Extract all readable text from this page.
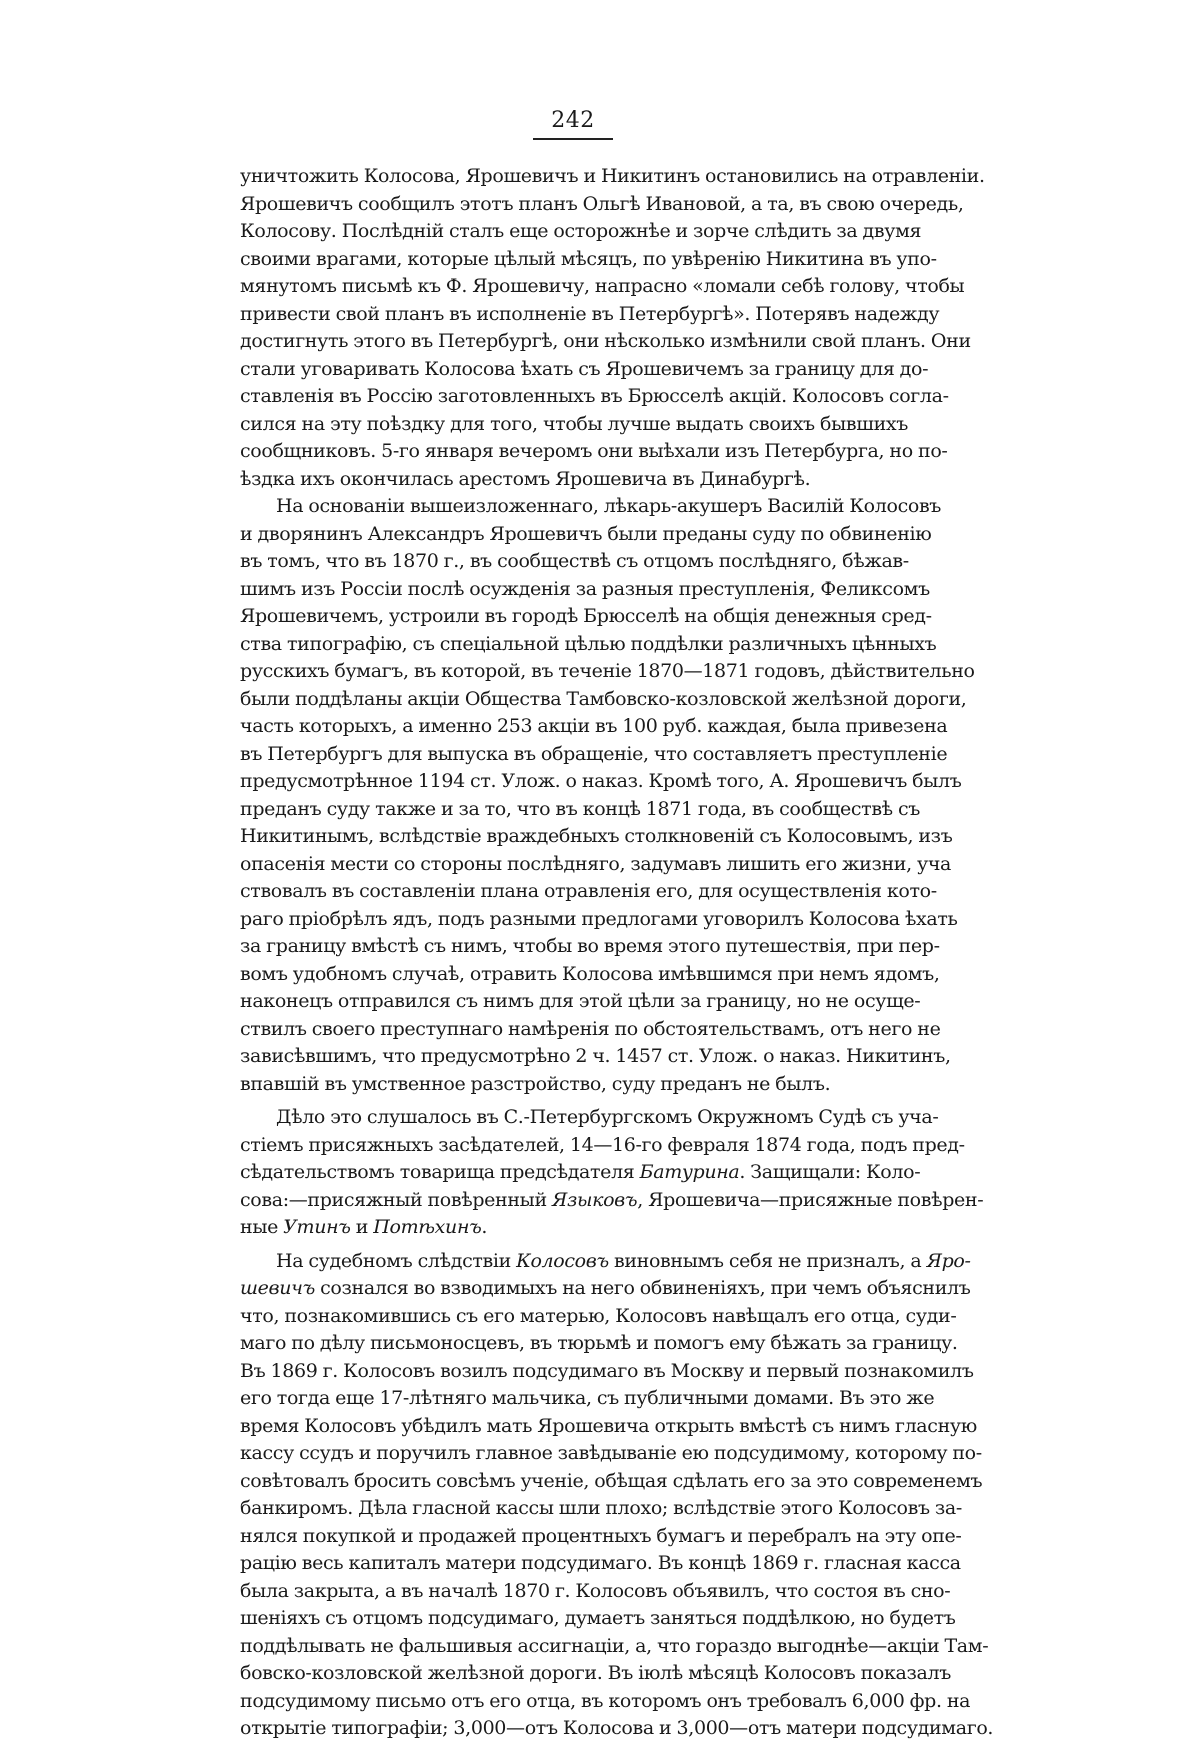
242
уничтожить Колосова, Ярошевичъ и Никитинъ остановились на отравленіи.
Ярошевичъ сообщилъ этотъ планъ Ольгѣ Ивановой, а та, въ свою очередь,
Колосову. Послѣдній сталъ еще осторожнѣе и зорче слѣдить за двумя
своими врагами, которые цѣлый мѣсяцъ, по увѣренію Никитина въ упо-
мянутомъ письмѣ къ Ф. Ярошевичу, напрасно «ломали себѣ голову, чтобы
привести свой планъ въ исполненіе въ Петербургѣ». Потерявъ надежду
достигнуть этого въ Петербургѣ, они нѣсколько измѣнили свой планъ. Они
стали уговаривать Колосова ѣхать съ Ярошевичемъ за границу для до-
ставленія въ Россію заготовленныхъ въ Брюсселѣ акцій. Колосовъ согла-
сился на эту поѣздку для того, чтобы лучше выдать своихъ бывшихъ
сообщниковъ. 5-го января вечеромъ они выѣхали изъ Петербурга, но по-
ѣздка ихъ окончилась арестомъ Ярошевича въ Динабургѣ.
На основаніи вышеизложеннаго, лѣкарь-акушеръ Василій Колосовъ
и дворянинъ Александръ Ярошевичъ были преданы суду по обвиненію
въ томъ, что въ 1870 г., въ сообществѣ съ отцомъ послѣдняго, бѣжав-
шимъ изъ Россіи послѣ осужденія за разныя преступленія, Феликсомъ
Ярошевичемъ, устроили въ городѣ Брюсселѣ на общія денежныя сред-
ства типографію, съ спеціальной цѣлью поддѣлки различныхъ цѣнныхъ
русскихъ бумагъ, въ которой, въ теченіе 1870—1871 годовъ, дѣйствительно
были поддѣланы акціи Общества Тамбовско-козловской желѣзной дороги,
часть которыхъ, а именно 253 акціи въ 100 руб. каждая, была привезена
въ Петербургъ для выпуска въ обращеніе, что составляетъ преступленіе
предусмотрѣнное 1194 ст. Улож. о наказ. Кромѣ того, А. Ярошевичъ былъ
преданъ суду также и за то, что въ концѣ 1871 года, въ сообществѣ съ
Никитинымъ, вслѣдствіе враждебныхъ столкновеній съ Колосовымъ, изъ
опасенія мести со стороны послѣдняго, задумавъ лишить его жизни, уча
ствовалъ въ составленіи плана отравленія его, для осуществленія кото-
раго пріобрѣлъ ядъ, подъ разными предлогами уговорилъ Колосова ѣхать
за границу вмѣстѣ съ нимъ, чтобы во время этого путешествія, при пер-
вомъ удобномъ случаѣ, отравить Колосова имѣвшимся при немъ ядомъ,
наконецъ отправился съ нимъ для этой цѣли за границу, но не осуще-
ствилъ своего преступнаго намѣренія по обстоятельствамъ, отъ него не
зависѣвшимъ, что предусмотрѣно 2 ч. 1457 ст. Улож. о наказ. Никитинъ,
впавшій въ умственное разстройство, суду преданъ не былъ.
Дѣло это слушалось въ С.-Петербургскомъ Окружномъ Судѣ съ уча-
стіемъ присяжныхъ засѣдателей, 14—16-го февраля 1874 года, подъ пред-
сѣдательствомъ товарища предсѣдателя Батурина. Защищали: Коло-
сова:—присяжный повѣренный Языковъ, Ярошевича—присяжные повѣрен-
ные Утинъ и Потѣхинъ.
На судебномъ слѣдствіи Колосовъ виновнымъ себя не призналъ, а Яро-
шевичъ сознался во взводимыхъ на него обвиненіяхъ, при чемъ объяснилъ
что, познакомившись съ его матерью, Колосовъ навѣщалъ его отца, суди-
маго по дѣлу письмоносцевъ, въ тюрьмѣ и помогъ ему бѣжать за границу.
Въ 1869 г. Колосовъ возилъ подсудимаго въ Москву и первый познакомилъ
его тогда еще 17-лѣтняго мальчика, съ публичными домами. Въ это же
время Колосовъ убѣдилъ мать Ярошевича открыть вмѣстѣ съ нимъ гласную
кассу ссудъ и поручилъ главное завѣдываніе ею подсудимому, которому по-
совѣтовалъ бросить совсѣмъ ученіе, обѣщая сдѣлать его за это современемъ
банкиромъ. Дѣла гласной кассы шли плохо; вслѣдствіе этого Колосовъ за-
нялся покупкой и продажей процентныхъ бумагъ и перебралъ на эту опе-
рацію весь капиталъ матери подсудимаго. Въ концѣ 1869 г. гласная касса
была закрыта, а въ началѣ 1870 г. Колосовъ объявилъ, что состоя въ сно-
шеніяхъ съ отцомъ подсудимаго, думаетъ заняться поддѣлкою, но будетъ
поддѣлывать не фальшивыя ассигнаціи, а, что гораздо выгоднѣе—акціи Там-
бовско-козловской желѣзной дороги. Въ іюлѣ мѣсяцѣ Колосовъ показалъ
подсудимому письмо отъ его отца, въ которомъ онъ требовалъ 6,000 фр. на
открытіе типографіи; 3,000—отъ Колосова и 3,000—отъ матери подсудимаго.
